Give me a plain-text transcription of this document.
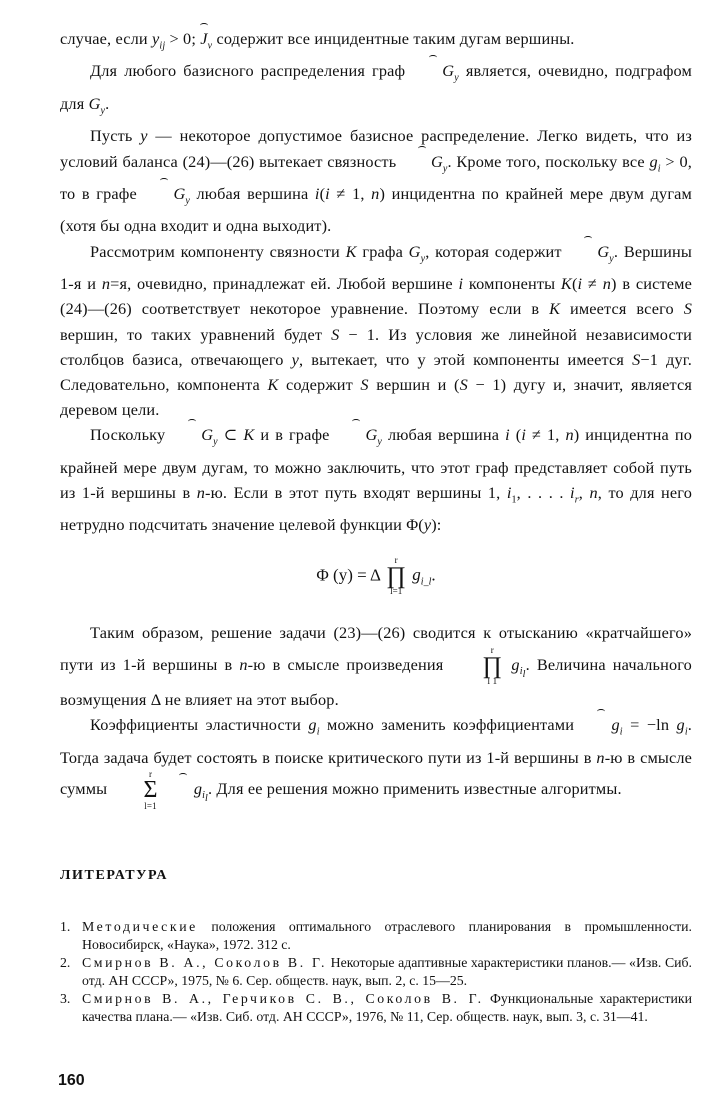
случае, если $y_{ij} > 0$; $J_v$ содержит все инцидентные таким дугам вершины.

Для любого базисного распределения граф $G_y$ является, очевидно, подграфом для $G_y$.

Пусть y — некоторое допустимое базисное распределение. Легко видеть, что из условий баланса (24)—(26) вытекает связность $G_y$. Кроме того, поскольку все $g_i > 0$, то в графе $G_y$ любая вершина i(i ≠ 1, n) инцидентна по крайней мере двум дугам (хотя бы одна входит и одна выходит).

Рассмотрим компоненту связности K графа $G_y$, которая содержит $G_y$. Вершины 1-я и n=я, очевидно, принадлежат ей. Любой вершине i компоненты K(i ≠ n) в системе (24)—(26) соответствует некоторое уравнение. Поэтому если в K имеется всего S вершин, то таких уравнений будет S − 1. Из условия же линейной независимости столбцов базиса, отвечающего y, вытекает, что у этой компоненты имеется S−1 дуг. Следовательно, компонента K содержит S вершин и (S − 1) дугу и, значит, является деревом цели.

Поскольку $G_y$ ⊂ K и в графе $G_y$ любая вершина i (i ≠ 1, n) инцидентна по крайней мере двум дугам, то можно заключить, что этот граф представляет собой путь из 1-й вершины в n-ю. Если в этот путь входят вершины 1, $i_1$, . . . . $i_r$, n, то для него нетрудно подсчитать значение целевой функции Φ(y):

Φ (y) = Δ
r
∏
l=1
$g_{i\_l}$.

Таким образом, решение задачи (23)—(26) сводится к отысканию «кратчайшего» пути из 1-й вершины в n-ю в смысле произведения
r
∏
l 1
$g_{i_l}$. Величина начального возмущения Δ не влияет на этот выбор.

Коэффициенты эластичности $g_i$ можно заменить коэффициентами $g_i = -\ln$ $g_i$. Тогда задача будет состоять в поиске критического пути из 1-й вершины в n-ю в смысле суммы
r
Σ
l=1
$g_{i_l}$. Для ее решения можно применить известные алгоритмы.

ЛИТЕРАТУРА
1. Методические положения оптимального отраслевого планирования в промышленности. Новосибирск, «Наука», 1972. 312 с.
2. Смирнов В. А., Соколов В. Г. Некоторые адаптивные характеристики планов.— «Изв. Сиб. отд. АН СССР», 1975, № 6. Сер. обществ. наук, вып. 2, с. 15—25.
3. Смирнов В. А., Герчиков С. В., Соколов В. Г. Функциональные характеристики качества плана.— «Изв. Сиб. отд. АН СССР», 1976, № 11, Сер. обществ. наук, вып. 3, с. 31—41.
160
